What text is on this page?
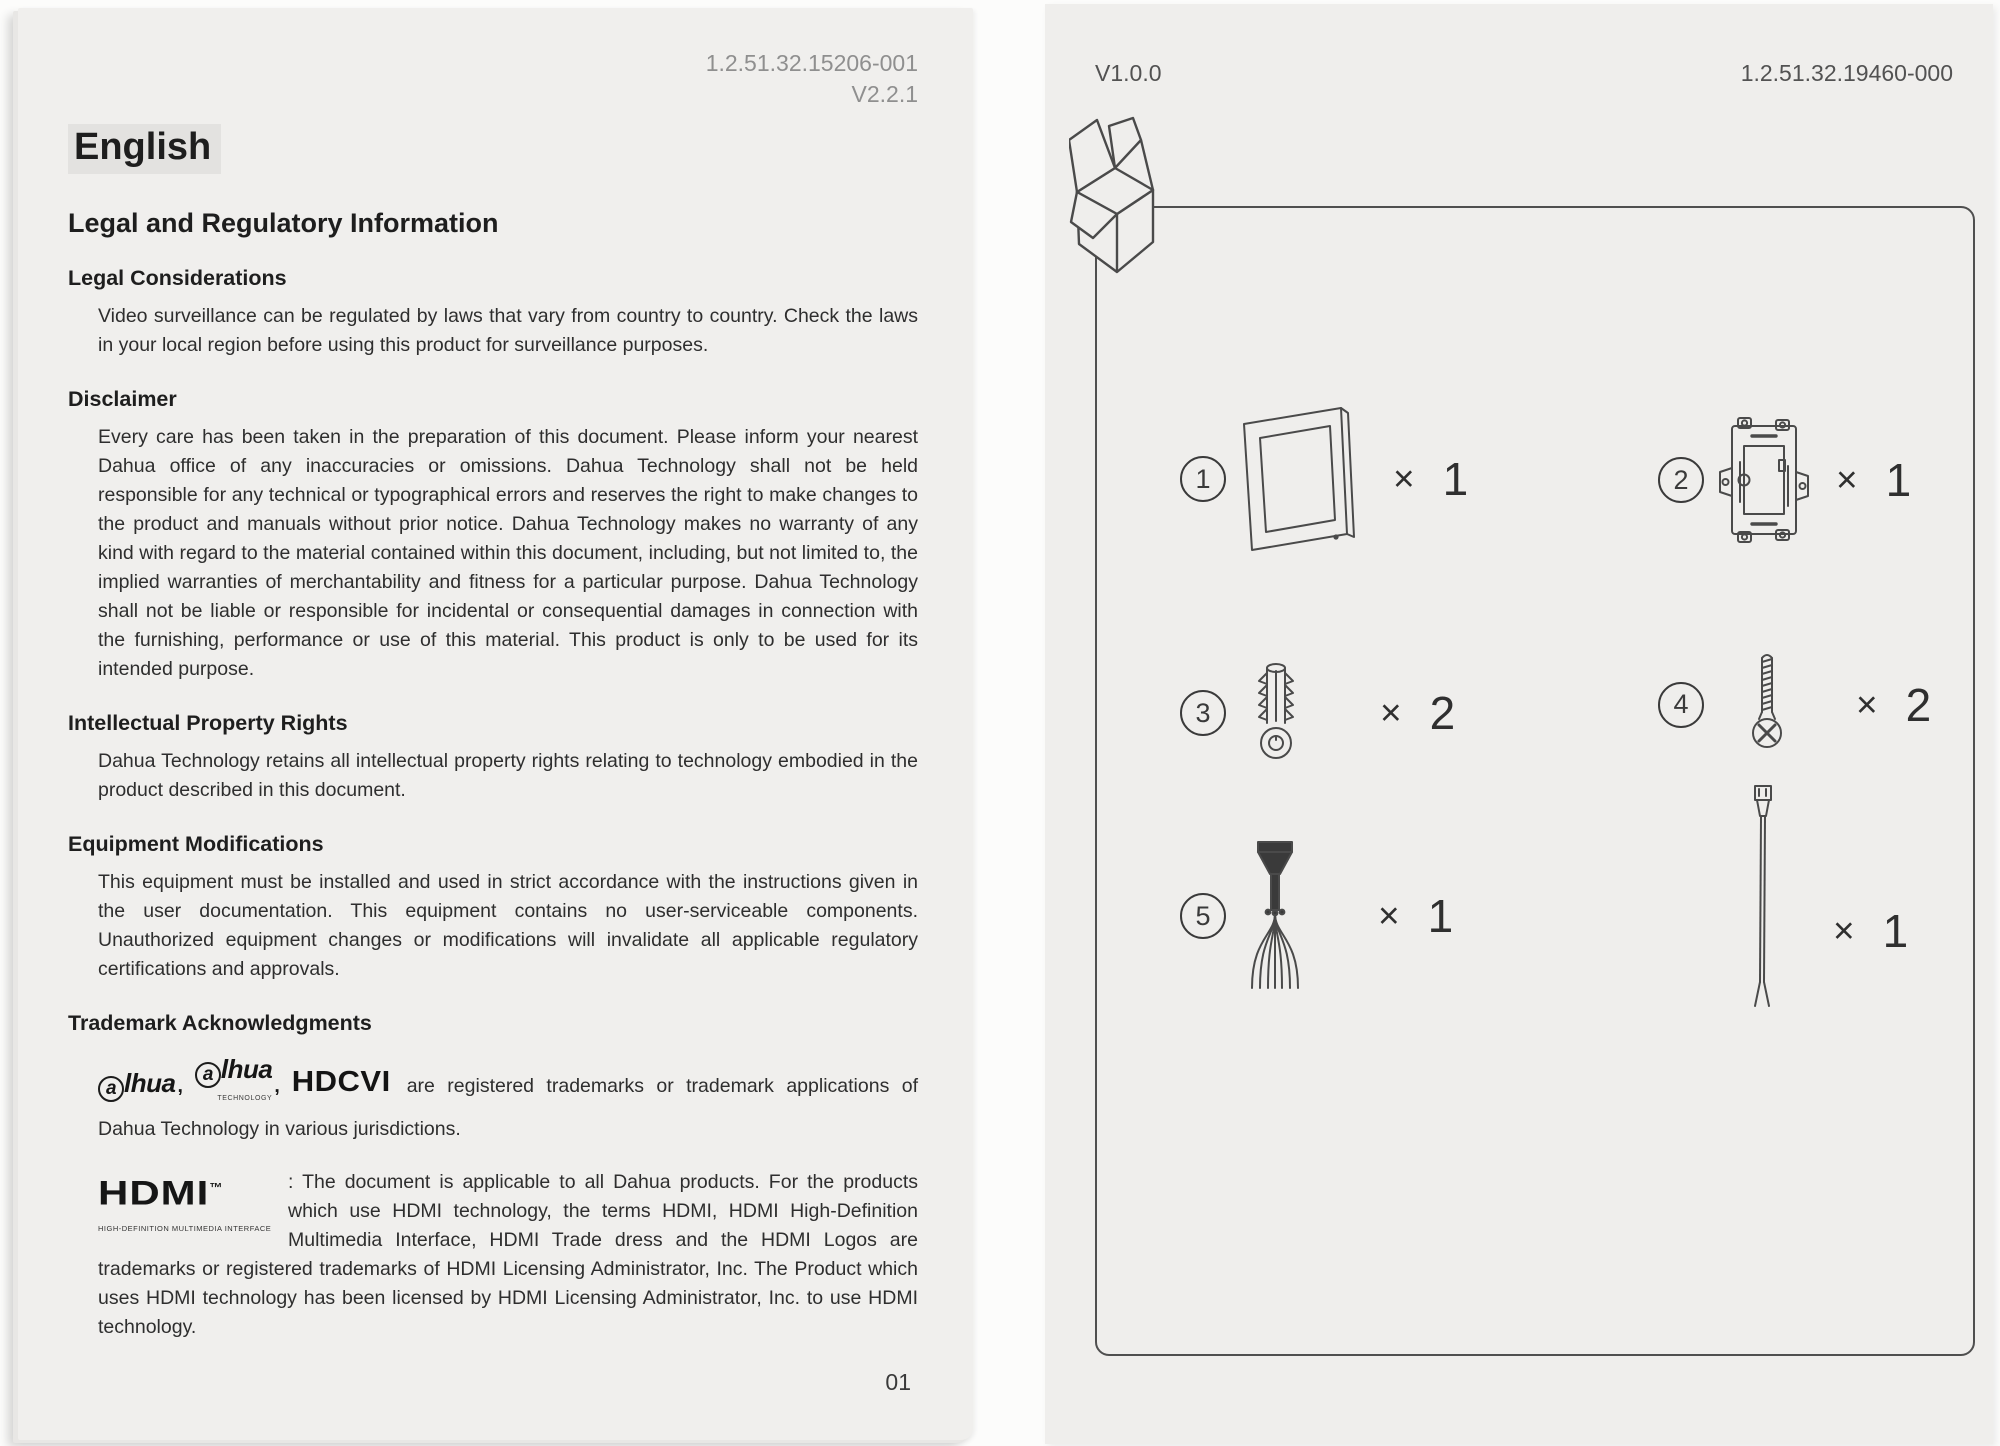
1.2.51.32.15206-001
V2.2.1
English
Legal and Regulatory Information
Legal Considerations

Video surveillance can be regulated by laws that vary from country to country. Check the laws in your local region before using this product for surveillance purposes.

Disclaimer

Every care has been taken in the preparation of this document. Please inform your nearest Dahua office of any inaccuracies or omissions. Dahua Technology shall not be held responsible for any technical or typographical errors and reserves the right to make changes to the product and manuals without prior notice. Dahua Technology makes no warranty of any kind with regard to the material contained within this document, including, but not limited to, the implied warranties of merchantability and fitness for a particular purpose. Dahua Technology shall not be liable or responsible for incidental or consequential damages in connection with the furnishing, performance or use of this material. This product is only to be used for its intended purpose.

Intellectual Property Rights

Dahua Technology retains all intellectual property rights relating to technology embodied in the product described in this document.

Equipment Modifications

This equipment must be installed and used in strict accordance with the instructions given in the user documentation. This equipment contains no user-serviceable components. Unauthorized equipment changes or modifications will invalidate all applicable regulatory certifications and approvals.

Trademark Acknowledgments

a lhua ,a lhua
TECHNOLOGY
, HDCVI are registered trademarks or trademark applications of Dahua Technology in various jurisdictions.

HDMI™
HIGH-DEFINITION MULTIMEDIA INTERFACE
: The document is applicable to all Dahua products. For the products which use HDMI technology, the terms HDMI, HDMI High-Definition Multimedia Interface, HDMI Trade dress and the HDMI Logos are trademarks or registered trademarks of HDMI Licensing Administrator, Inc. The Product which uses HDMI technology has been licensed by HDMI Licensing Administrator, Inc. to use HDMI technology.
01
V1.0.0	1.2.51.32.19460-000
1	× 1	2	× 1
3	× 2	4	× 2
5	× 1	× 1
